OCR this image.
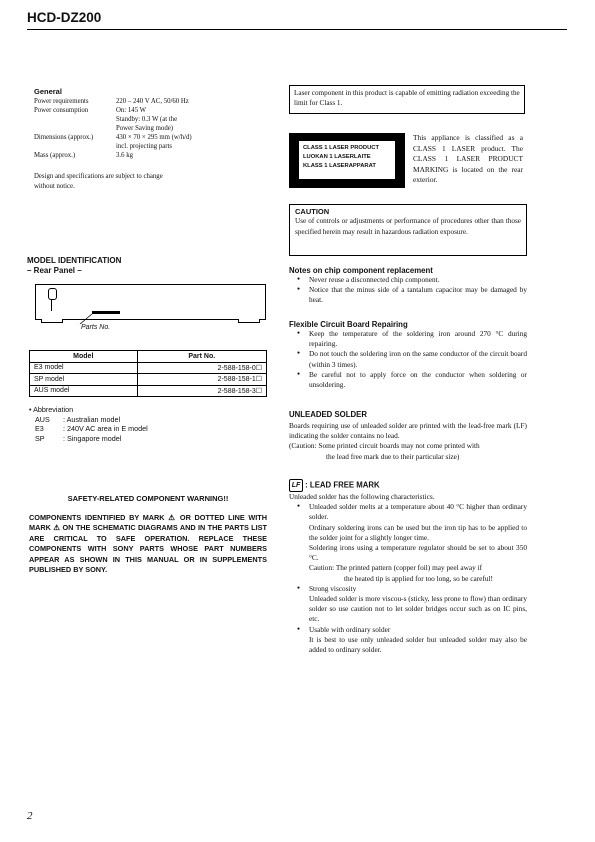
HCD-DZ200
General
Power requirements	220 – 240 V AC, 50/60 Hz
Power consumption	On: 145 W
Standby: 0.3 W (at the
Power Saving mode)
Dimensions (approx.)	430 × 70 × 295 mm (w/h/d)
incl. projecting parts
Mass (approx.)	3.6 kg
Design and specifications are subject to change
without notice.
Laser component in this product is capable of emitting radiation exceeding the limit for Class 1.
CLASS 1 LASER PRODUCT
LUOKAN 1 LASERLAITE
KLASS 1 LASERAPPARAT
This appliance is classified as a CLASS 1 LASER product. The CLASS 1 LASER PRODUCT MARKING is located on the rear exterior.
CAUTION
Use of controls or adjustments or performance of procedures other than those specified herein may result in hazardous radiation exposure.
MODEL IDENTIFICATION
– Rear Panel –
Parts No.
Model	Part No.
E3 model	2-588-158-0☐
SP model	2-588-158-1☐
AUS model	2-588-158-3☐
• Abbreviation
AUS	: Australian model
E3	: 240V AC area in E model
SP	: Singapore model
SAFETY-RELATED COMPONENT WARNING!!
COMPONENTS IDENTIFIED BY MARK ⚠ OR DOTTED LINE WITH MARK ⚠ ON THE SCHEMATIC DIAGRAMS AND IN THE PARTS LIST ARE CRITICAL TO SAFE OPERATION. REPLACE THESE COMPONENTS WITH SONY PARTS WHOSE PART NUMBERS APPEAR AS SHOWN IN THIS MANUAL OR IN SUPPLEMENTS PUBLISHED BY SONY.
Notes on chip component replacement
● Never reuse a disconnected chip component.
● Notice that the minus side of a tantalum capacitor may be damaged by heat.
Flexible Circuit Board Repairing
● Keep the temperature of the soldering iron around 270 °C during repairing.
● Do not touch the soldering iron on the same conductor of the circuit board (within 3 times).
● Be careful not to apply force on the conductor when soldering or unsoldering.
UNLEADED SOLDER
Boards requiring use of unleaded solder are printed with the lead-free mark (LF) indicating the solder contains no lead.
(Caution: Some printed circuit boards may not come printed with
the lead free mark due to their particular size)
LF : LEAD FREE MARK
Unleaded solder has the following characteristics.
● Unleaded solder melts at a temperature about 40 °C higher than ordinary solder.
Ordinary soldering irons can be used but the iron tip has to be applied to the solder joint for a slightly longer time.
Soldering irons using a temperature regulator should be set to about 350 °C.
Caution: The printed pattern (copper foil) may peel away if
the heated tip is applied for too long, so be careful!
● Strong viscosity
Unleaded solder is more viscou-s (sticky, less prone to flow) than ordinary solder so use caution not to let solder bridges occur such as on IC pins, etc.
● Usable with ordinary solder
It is best to use only unleaded solder but unleaded solder may also be added to ordinary solder.
2
